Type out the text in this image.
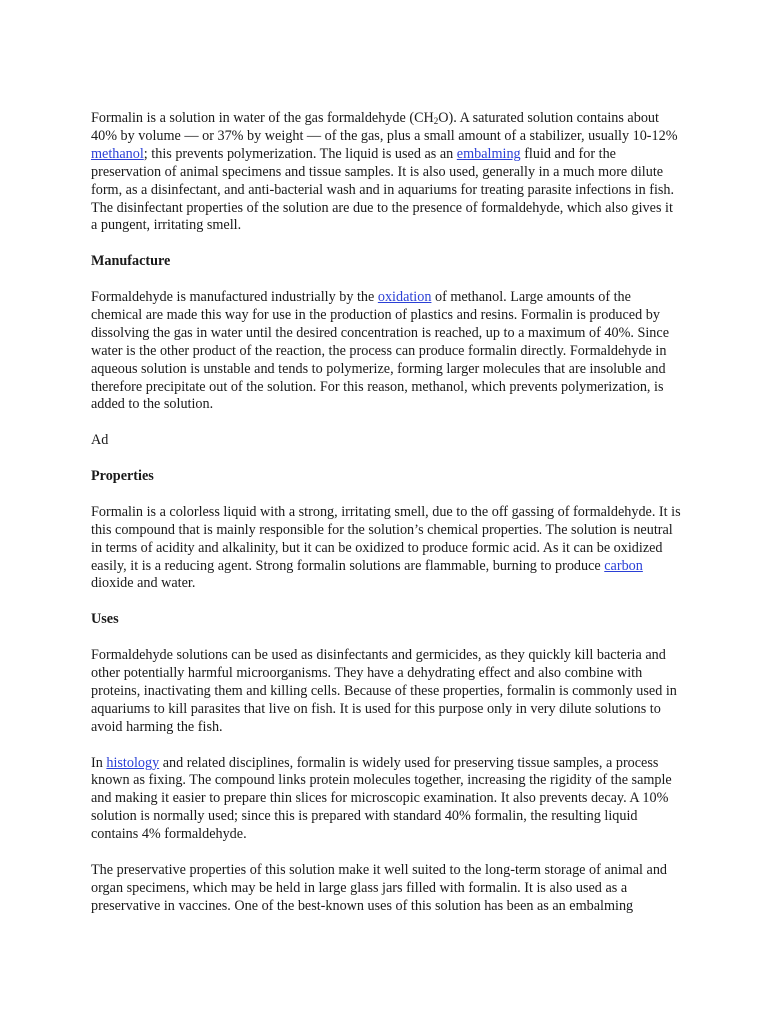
Formalin is a solution in water of the gas formaldehyde $(CH_2O)$. A saturated solution contains about 40% by volume — or 37% by weight — of the gas, plus a small amount of a stabilizer, usually 10-12% methanol; this prevents polymerization. The liquid is used as an embalming fluid and for the preservation of animal specimens and tissue samples. It is also used, generally in a much more dilute form, as a disinfectant, and anti-bacterial wash and in aquariums for treating parasite infections in fish. The disinfectant properties of the solution are due to the presence of formaldehyde, which also gives it a pungent, irritating smell.

Manufacture

Formaldehyde is manufactured industrially by the oxidation of methanol. Large amounts of the chemical are made this way for use in the production of plastics and resins. Formalin is produced by dissolving the gas in water until the desired concentration is reached, up to a maximum of 40%. Since water is the other product of the reaction, the process can produce formalin directly. Formaldehyde in aqueous solution is unstable and tends to polymerize, forming larger molecules that are insoluble and therefore precipitate out of the solution. For this reason, methanol, which prevents polymerization, is added to the solution.

Ad

Properties

Formalin is a colorless liquid with a strong, irritating smell, due to the off gassing of formaldehyde. It is this compound that is mainly responsible for the solution’s chemical properties. The solution is neutral in terms of acidity and alkalinity, but it can be oxidized to produce formic acid. As it can be oxidized easily, it is a reducing agent. Strong formalin solutions are flammable, burning to produce carbon dioxide and water.

Uses

Formaldehyde solutions can be used as disinfectants and germicides, as they quickly kill bacteria and other potentially harmful microorganisms. They have a dehydrating effect and also combine with proteins, inactivating them and killing cells. Because of these properties, formalin is commonly used in aquariums to kill parasites that live on fish. It is used for this purpose only in very dilute solutions to avoid harming the fish.

In histology and related disciplines, formalin is widely used for preserving tissue samples, a process known as fixing. The compound links protein molecules together, increasing the rigidity of the sample and making it easier to prepare thin slices for microscopic examination. It also prevents decay. A 10% solution is normally used; since this is prepared with standard 40% formalin, the resulting liquid contains 4% formaldehyde.

The preservative properties of this solution make it well suited to the long-term storage of animal and organ specimens, which may be held in large glass jars filled with formalin. It is also used as a preservative in vaccines. One of the best-known uses of this solution has been as an embalming
